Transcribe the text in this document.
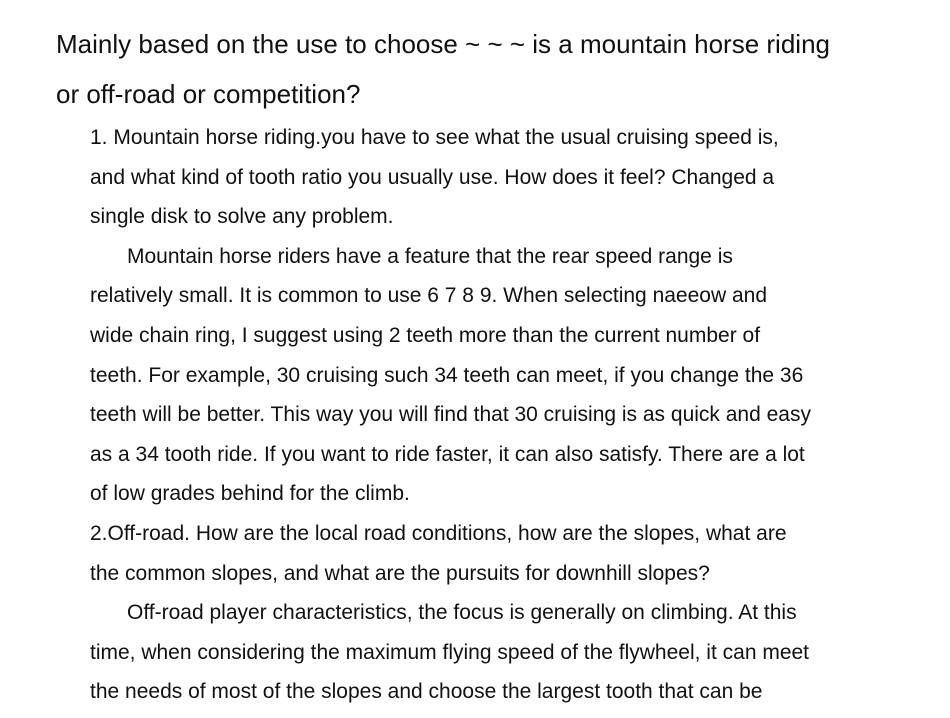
Mainly based on the use to choose ~ ~ ~ is a mountain horse riding
or off-road or competition?
1. Mountain horse riding.you have to see what the usual cruising speed is,
and what kind of tooth ratio you usually use. How does it feel? Changed a
single disk to solve any problem.
Mountain horse riders have a feature that the rear speed range is
relatively small. It is common to use 6 7 8 9. When selecting naeeow and
wide chain ring, I suggest using 2 teeth more than the current number of
teeth. For example, 30 cruising such 34 teeth can meet, if you change the 36
teeth will be better. This way you will find that 30 cruising is as quick and easy
as a 34 tooth ride. If you want to ride faster, it can also satisfy. There are a lot
of low grades behind for the climb.
2.Off-road. How are the local road conditions, how are the slopes, what are
the common slopes, and what are the pursuits for downhill slopes?
Off-road player characteristics, the focus is generally on climbing. At this
time, when considering the maximum flying speed of the flywheel, it can meet
the needs of most of the slopes and choose the largest tooth that can be
